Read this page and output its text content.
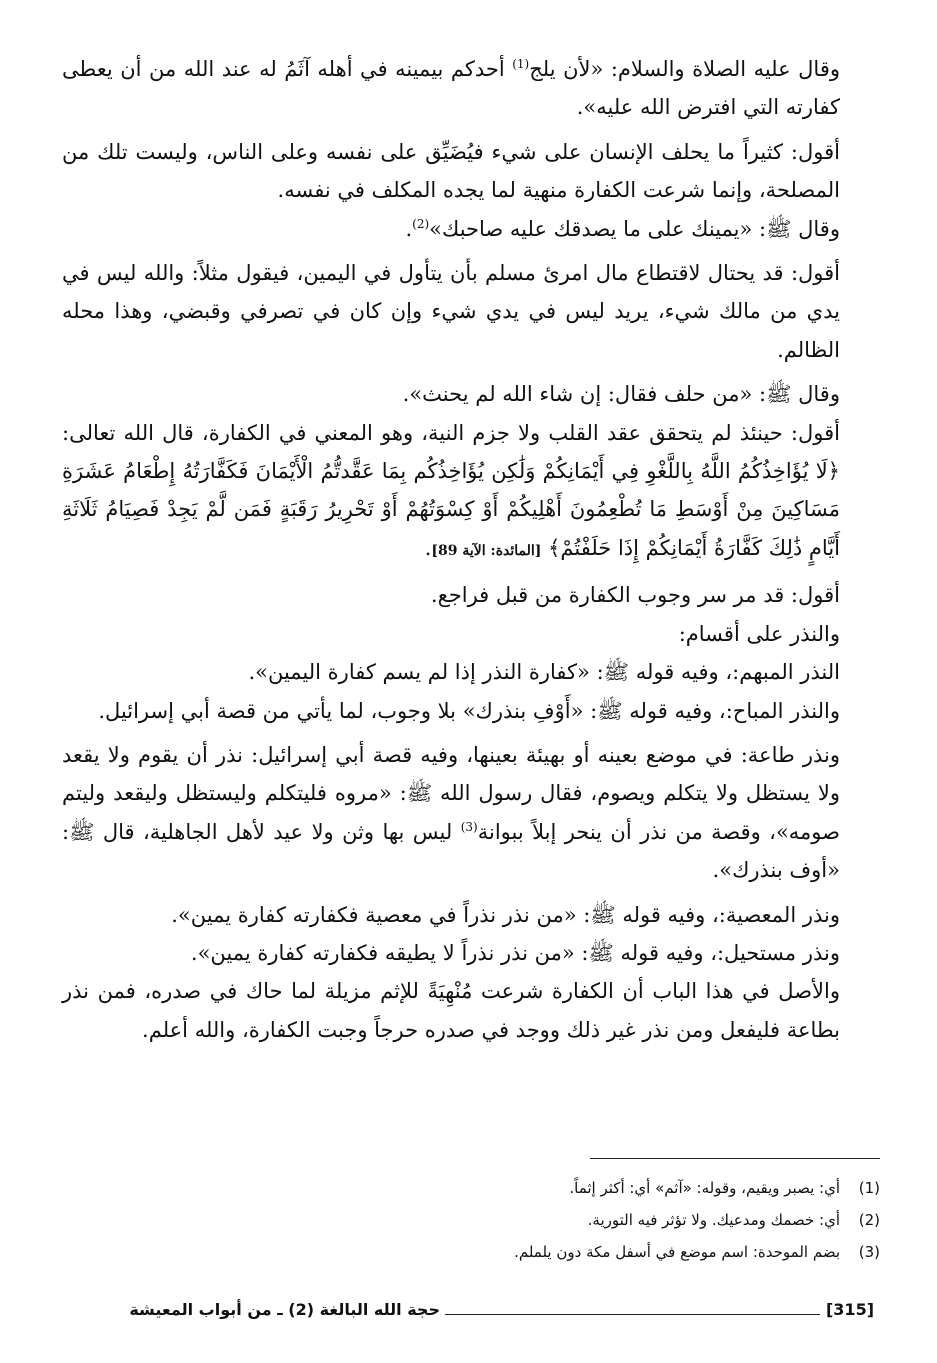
وقال عليه الصلاة والسلام: «لأن يلج$^{(1)}$ أحدكم بيمينه في أهله آثَمُ له عند الله من أن يعطى كفارته التي افترض الله عليه».

أقول: كثيراً ما يحلف الإنسان على شيء فيُضَيِّق على نفسه وعلى الناس، وليست تلك من المصلحة، وإنما شرعت الكفارة منهية لما يجده المكلف في نفسه.

وقال ﷺ: «يمينك على ما يصدقك عليه صاحبك»$^{(2)}$.

أقول: قد يحتال لاقتطاع مال امرئ مسلم بأن يتأول في اليمين، فيقول مثلاً: والله ليس في يدي من مالك شيء، يريد ليس في يدي شيء وإن كان في تصرفي وقبضي، وهذا محله الظالم.

وقال ﷺ: «من حلف فقال: إن شاء الله لم يحنث».

أقول: حينئذ لم يتحقق عقد القلب ولا جزم النية، وهو المعني في الكفارة، قال الله تعالى: ﴿لَا يُؤَاخِذُكُمُ اللَّهُ بِاللَّغْوِ فِي أَيْمَانِكُمْ وَلَٰكِن يُؤَاخِذُكُم بِمَا عَقَّدتُّمُ الْأَيْمَانَ فَكَفَّارَتُهُ إِطْعَامُ عَشَرَةِ مَسَاكِينَ مِنْ أَوْسَطِ مَا تُطْعِمُونَ أَهْلِيكُمْ أَوْ كِسْوَتُهُمْ أَوْ تَحْرِيرُ رَقَبَةٍ فَمَن لَّمْ يَجِدْ فَصِيَامُ ثَلَاثَةِ أَيَّامٍ ذَٰلِكَ كَفَّارَةُ أَيْمَانِكُمْ إِذَا حَلَفْتُمْ﴾ [المائدة: الآية 89].

أقول: قد مر سر وجوب الكفارة من قبل فراجع.

والنذر على أقسام:

النذر المبهم:، وفيه قوله ﷺ: «كفارة النذر إذا لم يسم كفارة اليمين».

والنذر المباح:، وفيه قوله ﷺ: «أَوْفِ بنذرك» بلا وجوب، لما يأتي من قصة أبي إسرائيل.

ونذر طاعة: في موضع بعينه أو بهيئة بعينها، وفيه قصة أبي إسرائيل: نذر أن يقوم ولا يقعد ولا يستظل ولا يتكلم ويصوم، فقال رسول الله ﷺ: «مروه فليتكلم وليستظل وليقعد وليتم صومه»، وقصة من نذر أن ينحر إبلاً ببوانة$^{(3)}$ ليس بها وثن ولا عيد لأهل الجاهلية، قال ﷺ: «أوف بنذرك».

ونذر المعصية:، وفيه قوله ﷺ: «من نذر نذراً في معصية فكفارته كفارة يمين».

ونذر مستحيل:، وفيه قوله ﷺ: «من نذر نذراً لا يطيقه فكفارته كفارة يمين».

والأصل في هذا الباب أن الكفارة شرعت مُنْهِيَةً للإثم مزيلة لما حاك في صدره، فمن نذر بطاعة فليفعل ومن نذر غير ذلك ووجد في صدره حرجاً وجبت الكفارة، والله أعلم.

(1)أي: يصبر ويقيم، وقوله: «آثم» أي: أكثر إثماً.

(2)أي: خصمك ومدعيك. ولا تؤثر فيه التورية.

(3)بضم الموحدة: اسم موضع في أسفل مكة دون يلملم.

[315]
حجة الله البالغة (2) ـ من أبواب المعيشة
